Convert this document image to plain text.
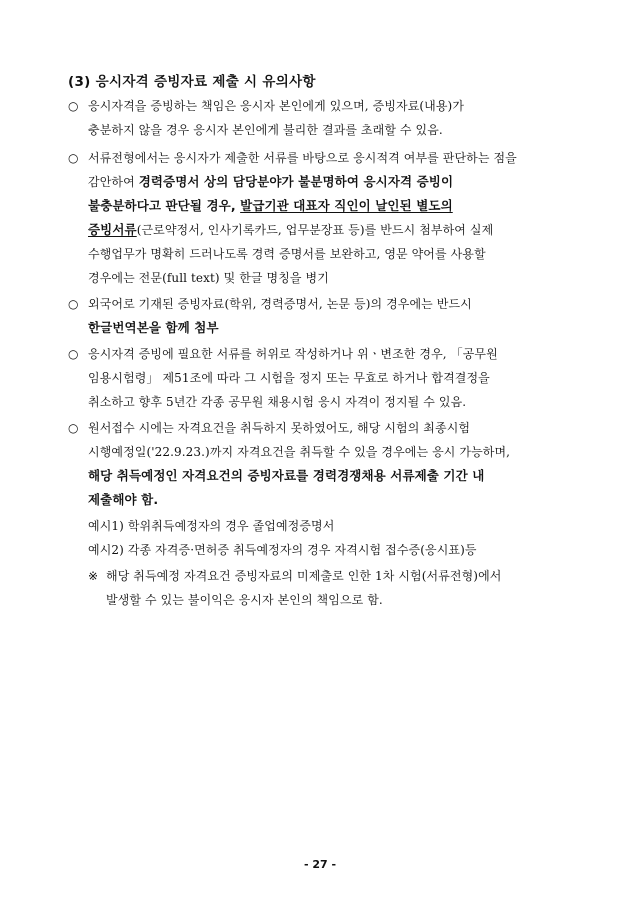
(3) 응시자격 증빙자료 제출 시 유의사항
○ 응시자격을 증빙하는 책임은 응시자 본인에게 있으며, 증빙자료(내용)가
충분하지 않을 경우 응시자 본인에게 불리한 결과를 초래할 수 있음.
○ 서류전형에서는 응시자가 제출한 서류를 바탕으로 응시적격 여부를 판단하는 점을
감안하여 경력증명서 상의 담당분야가 불분명하여 응시자격 증빙이
불충분하다고 판단될 경우, 발급기관 대표자 직인이 날인된 별도의
증빙서류(근로약정서, 인사기록카드, 업무분장표 등)를 반드시 첨부하여 실제
수행업무가 명확히 드러나도록 경력 증명서를 보완하고, 영문 약어를 사용할
경우에는 전문(full text) 및 한글 명칭을 병기
○ 외국어로 기재된 증빙자료(학위, 경력증명서, 논문 등)의 경우에는 반드시
한글번역본을 함께 첨부
○ 응시자격 증빙에 필요한 서류를 허위로 작성하거나 위ㆍ변조한 경우, 「공무원
임용시험령」 제51조에 따라 그 시험을 정지 또는 무효로 하거나 합격결정을
취소하고 향후 5년간 각종 공무원 채용시험 응시 자격이 정지될 수 있음.
○ 원서접수 시에는 자격요건을 취득하지 못하였어도, 해당 시험의 최종시험
시행예정일('22.9.23.)까지 자격요건을 취득할 수 있을 경우에는 응시 가능하며,
해당 취득예정인 자격요건의 증빙자료를 경력경쟁채용 서류제출 기간 내
제출해야 함.
예시1) 학위취득예정자의 경우 졸업예정증명서
예시2) 각종 자격증·면허증 취득예정자의 경우 자격시험 접수증(응시표)등
※ 해당 취득예정 자격요건 증빙자료의 미제출로 인한 1차 시험(서류전형)에서
발생할 수 있는 불이익은 응시자 본인의 책임으로 함.
- 27 -
